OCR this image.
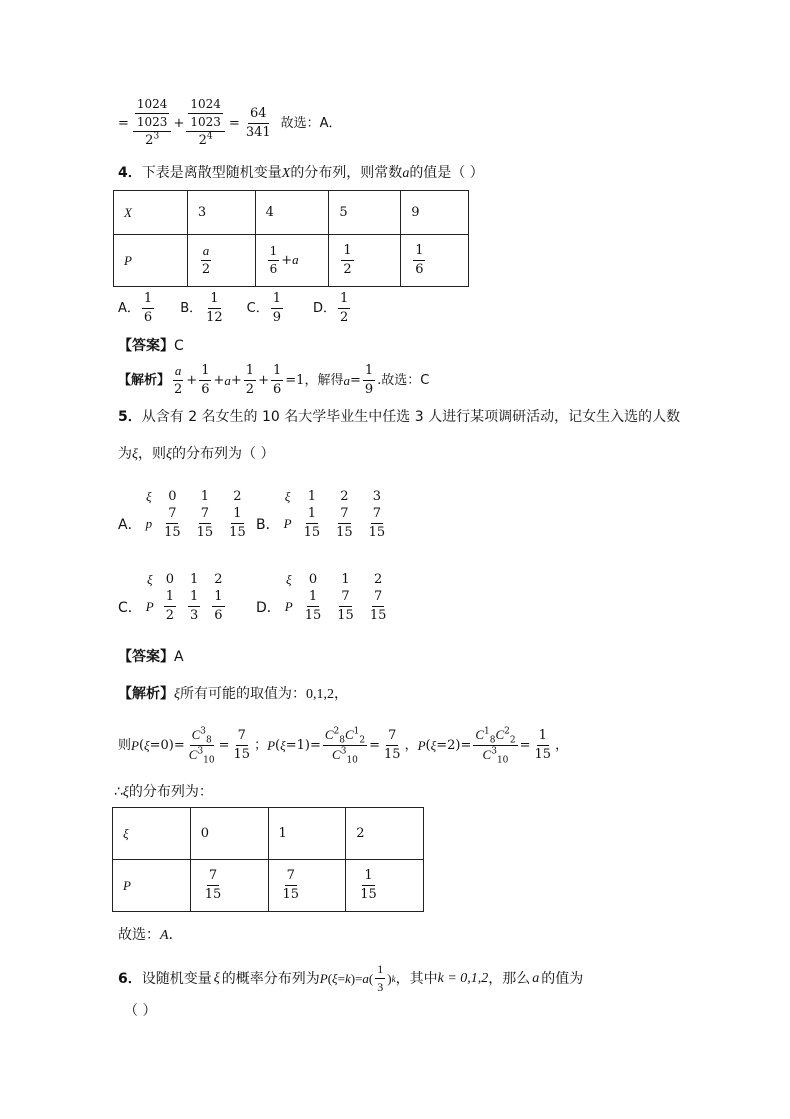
= $\frac{\frac{1024}{1023}}{2^3} + \frac{\frac{1024}{1023}}{2^4} = \frac{64}{341}$ 故选：A．
4．下表是离散型随机变量X的分布列，则常数a的值是（ ）
X	3	4	5	9
P	$\frac{a}{2}$	$\frac{1}{6} +a$	$\frac{1}{2}$	$\frac{1}{6}$
A． $\frac{1}{6}$ B． $\frac{1}{12}$ C． $\frac{1}{9}$ D． $\frac{1}{2}$
【答案】C
【解析】 $\frac{a}{2} + \frac{1}{6} + a + \frac{1}{2} + \frac{1}{6} =1$ ，解得 $a = \frac{1}{9}$ .故选：C
5．从含有 2 名女生的 10 名大学毕业生中任选 3 人进行某项调研活动，记女生入选的人数
为ξ，则ξ的分布列为（ ）
A．
ξ	0	1	2
p	$\frac{7}{15}$	$\frac{7}{15}$	$\frac{1}{15}$ B．
ξ	1	2	3
P	$\frac{1}{15}$	$\frac{7}{15}$	$\frac{7}{15}$
C．
ξ	0	1	2
P	$\frac{1}{2}$	$\frac{1}{3}$	$\frac{1}{6}$ D．
ξ	0	1	2
P	$\frac{1}{15}$	$\frac{7}{15}$	$\frac{7}{15}$
【答案】A
【解析】ξ所有可能的取值为：0,1,2，
则 P ( $\xi =0)= \frac{C^3_8}{C^3_{10}} = \frac{7}{15}$ ； P ( $\xi =1)= \frac{C^2_8C^1_2}{C^3_{10}} = \frac{7}{15}$ ， P ( $\xi =2)= \frac{C^1_8C^2_2}{C^3_{10}} = \frac{1}{15}$ ，
∴ξ的分布列为：
ξ	0	1	2
P	$\frac{7}{15}$	$\frac{7}{15}$	$\frac{1}{15}$
故选：A．
6． 设随机变量 ξ 的概率分布列为 P ( ξ = k )= a ( $\frac{1}{3}$ ) k ，其中 k = 0,1,2 ，那么 a 的值为
（ ）
